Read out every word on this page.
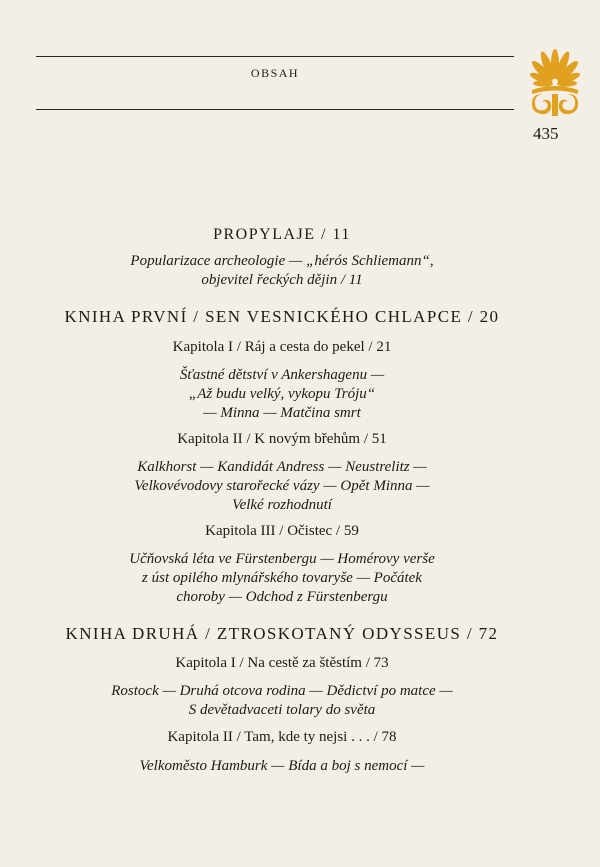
OBSAH
435
PROPYLAJE / 11
Popularizace archeologie — „hérós Schliemann“,
objevitel řeckých dějin / 11
KNIHA PRVNÍ / SEN VESNICKÉHO CHLAPCE / 20
Kapitola I / Ráj a cesta do pekel / 21
Šťastné dětství v Ankershagenu —
„Až budu velký, vykopu Tróju“
— Minna — Matčina smrt
Kapitola II / K novým břehům / 51
Kalkhorst — Kandidát Andress — Neustrelitz —
Velkovévodovy starořecké vázy — Opět Minna —
Velké rozhodnutí
Kapitola III / Očistec / 59
Učňovská léta ve Fürstenbergu — Homérovy verše
z úst opilého mlynářského tovaryše — Počátek
choroby — Odchod z Fürstenbergu
KNIHA DRUHÁ / ZTROSKOTANÝ ODYSSEUS / 72
Kapitola I / Na cestě za štěstím / 73
Rostock — Druhá otcova rodina — Dědictví po matce —
S devětadvaceti tolary do světa
Kapitola II / Tam, kde ty nejsi . . . / 78
Velkoměsto Hamburk — Bída a boj s nemocí —
